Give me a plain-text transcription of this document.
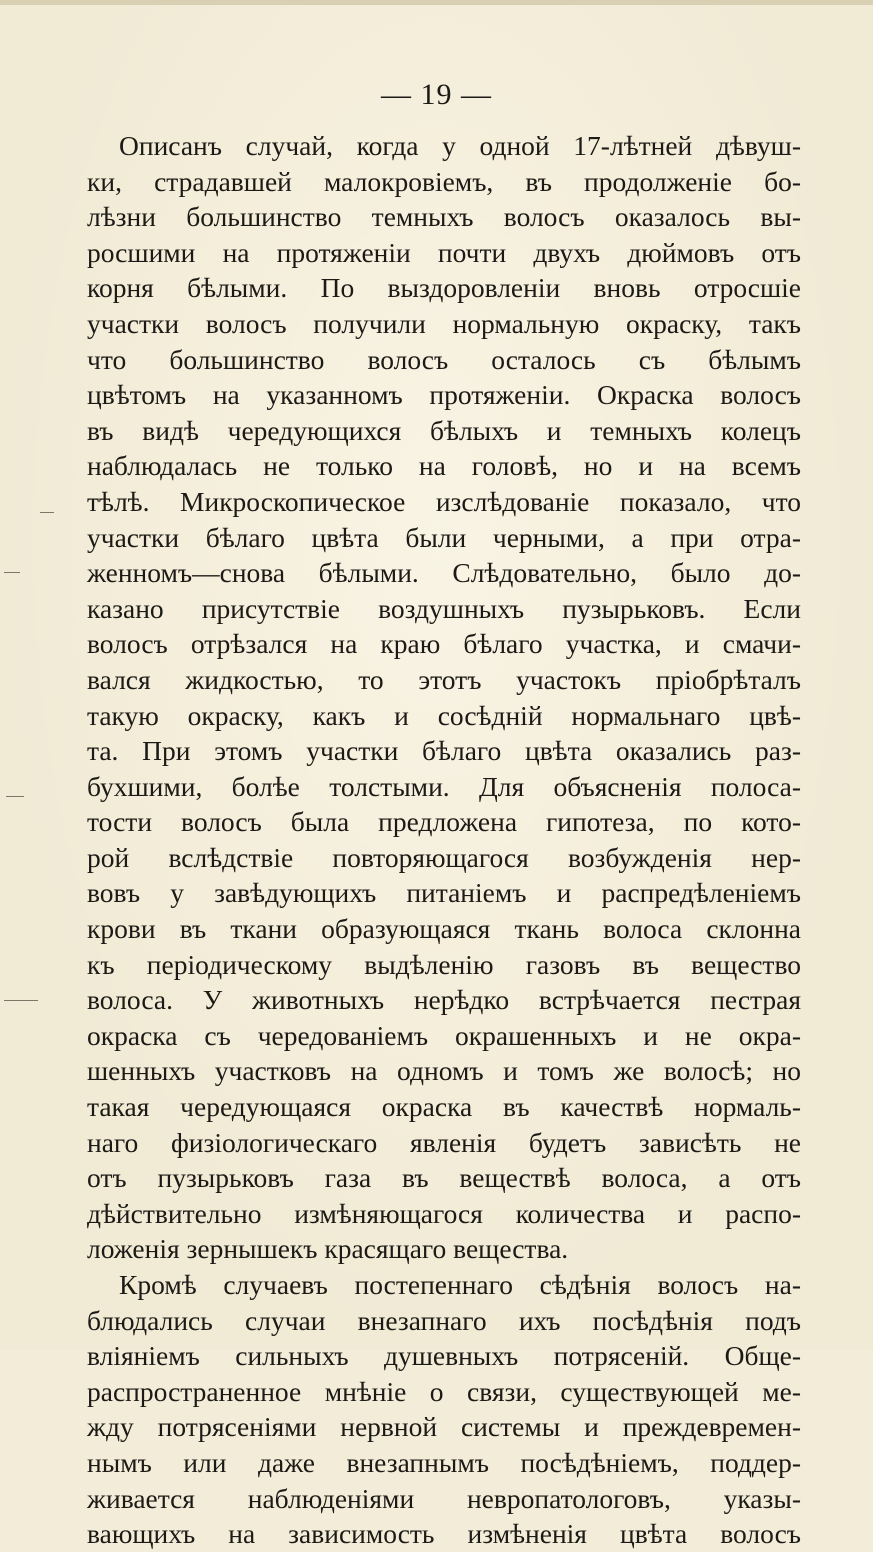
— 19 —
Описанъ случай, когда у одной 17-лѣтней дѣвуш-
ки, страдавшей малокровіемъ, въ продолженіе бо-
лѣзни большинство темныхъ волосъ оказалось вы-
росшими на протяженіи почти двухъ дюймовъ отъ
корня бѣлыми. По выздоровленіи вновь отросшіе
участки волосъ получили нормальную окраску, такъ
что большинство волосъ осталось съ бѣлымъ
цвѣтомъ на указанномъ протяженіи. Окраска волосъ
въ видѣ чередующихся бѣлыхъ и темныхъ колецъ
наблюдалась не только на головѣ, но и на всемъ
тѣлѣ. Микроскопическое изслѣдованіе показало, что
участки бѣлаго цвѣта были черными, а при отра-
женномъ—снова бѣлыми. Слѣдовательно, было до-
казано присутствіе воздушныхъ пузырьковъ. Если
волосъ отрѣзался на краю бѣлаго участка, и смачи-
вался жидкостью, то этотъ участокъ пріобрѣталъ
такую окраску, какъ и сосѣдній нормальнаго цвѣ-
та. При этомъ участки бѣлаго цвѣта оказались раз-
бухшими, болѣе толстыми. Для объясненія полоса-
тости волосъ была предложена гипотеза, по кото-
рой вслѣдствіе повторяющагося возбужденія нер-
вовъ у завѣдующихъ питаніемъ и распредѣленіемъ
крови въ ткани образующаяся ткань волоса склонна
къ періодическому выдѣленію газовъ въ вещество
волоса. У животныхъ нерѣдко встрѣчается пестрая
окраска съ чередованіемъ окрашенныхъ и не окра-
шенныхъ участковъ на одномъ и томъ же волосѣ; но
такая чередующаяся окраска въ качествѣ нормаль-
наго физіологическаго явленія будетъ зависѣть не
отъ пузырьковъ газа въ веществѣ волоса, а отъ
дѣйствительно измѣняющагося количества и распо-
ложенія зернышекъ красящаго вещества.
Кромѣ случаевъ постепеннаго сѣдѣнія волосъ на-
блюдались случаи внезапнаго ихъ посѣдѣнія подъ
вліяніемъ сильныхъ душевныхъ потрясеній. Обще-
распространенное мнѣніе о связи, существующей ме-
жду потрясеніями нервной системы и преждевремен-
нымъ или даже внезапнымъ посѣдѣніемъ, поддер-
живается наблюденіями невропатологовъ, указы-
вающихъ на зависимость измѣненія цвѣта волосъ
